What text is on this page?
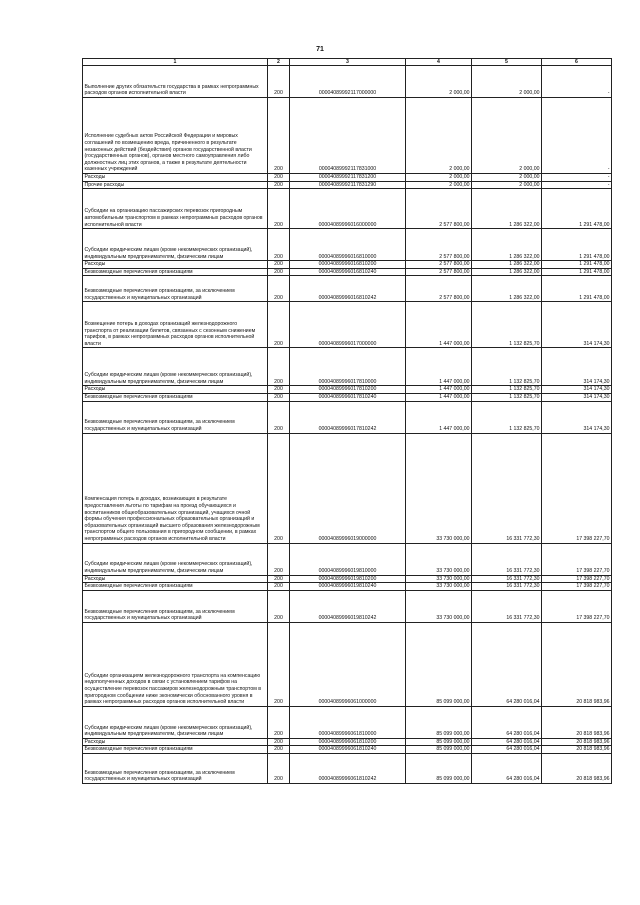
71
1	2	3	4	5	6
Выполнение других обязательств государства в рамках непрограммных расходов органов исполнительной власти	200	00004089992117000000	2 000,00	2 000,00	-
Исполнение судебных актов Российской Федерации и мировых соглашений по возмещению вреда, причиненного в результате незаконных действий (бездействия) органов государственной власти (государственных органов), органов местного самоуправления либо должностных лиц этих органов, а также в результате деятельности казенных учреждений	200	00004089992117831000	2 000,00	2 000,00	-
Расходы	200	00004089992117831200	2 000,00	2 000,00	-
Прочие расходы	200	00004089992117831290	2 000,00	2 000,00	-
Субсидии на организацию пассажирских перевозок пригородным автомобильным транспортом в рамках непрограммных расходов органов исполнительной власти	200	00004089996016000000	2 577 800,00	1 286 322,00	1 291 478,00
Субсидии юридическим лицам (кроме некоммерческих организаций), индивидуальным предпринимателям, физическим лицам	200	00004089996016810000	2 577 800,00	1 286 322,00	1 291 478,00
Расходы	200	00004089996016810200	2 577 800,00	1 286 322,00	1 291 478,00
Безвозмездные перечисления организациям	200	00004089996016810240	2 577 800,00	1 286 322,00	1 291 478,00
Безвозмездные перечисления организациям, за исключением государственных и муниципальных организаций	200	00004089996016810242	2 577 800,00	1 286 322,00	1 291 478,00
Возмещение потерь в доходах организаций железнодорожного транспорта от реализации билетов, связанных с сезонным снижением тарифов, в рамках непрограммных расходов органов исполнительной власти	200	00004089996017000000	1 447 000,00	1 132 825,70	314 174,30
Субсидии юридическим лицам (кроме некоммерческих организаций), индивидуальным предпринимателям, физическим лицам	200	00004089996017810000	1 447 000,00	1 132 825,70	314 174,30
Расходы	200	00004089996017810200	1 447 000,00	1 132 825,70	314 174,30
Безвозмездные перечисления организациям	200	00004089996017810240	1 447 000,00	1 132 825,70	314 174,30
Безвозмездные перечисления организациям, за исключением государственных и муниципальных организаций	200	00004089996017810242	1 447 000,00	1 132 825,70	314 174,30
Компенсация потерь в доходах, возникающих в результате предоставления льготы по тарифам на проезд обучающихся и воспитанников общеобразовательных организаций, учащихся очной формы обучения профессиональных образовательных организаций и образовательных организаций высшего образования железнодорожным транспортом общего пользования в пригородном сообщении, в рамках непрограммных расходов органов исполнительной власти	200	00004089996019000000	33 730 000,00	16 331 772,30	17 398 227,70
Субсидии юридическим лицам (кроме некоммерческих организаций), индивидуальным предпринимателям, физическим лицам	200	00004089996019810000	33 730 000,00	16 331 772,30	17 398 227,70
Расходы	200	00004089996019810200	33 730 000,00	16 331 772,30	17 398 227,70
Безвозмездные перечисления организациям	200	00004089996019810240	33 730 000,00	16 331 772,30	17 398 227,70
Безвозмездные перечисления организациям, за исключением государственных и муниципальных организаций	200	00004089996019810242	33 730 000,00	16 331 772,30	17 398 227,70
Субсидии организациям железнодорожного транспорта на компенсацию недополученных доходов в связи с установлением тарифов на осуществление перевозок пассажиров железнодорожным транспортом в пригородном сообщении ниже экономически обоснованного уровня в рамках непрограммных расходов органов исполнительной власти	200	00004089996061000000	85 099 000,00	64 280 016,04	20 818 983,96
Субсидии юридическим лицам (кроме некоммерческих организаций), индивидуальным предпринимателям, физическим лицам	200	00004089996061810000	85 099 000,00	64 280 016,04	20 818 983,96
Расходы	200	00004089996061810200	85 099 000,00	64 280 016,04	20 818 983,96
Безвозмездные перечисления организациям	200	00004089996061810240	85 099 000,00	64 280 016,04	20 818 983,96
Безвозмездные перечисления организациям, за исключением государственных и муниципальных организаций	200	00004089996061810242	85 099 000,00	64 280 016,04	20 818 983,96
